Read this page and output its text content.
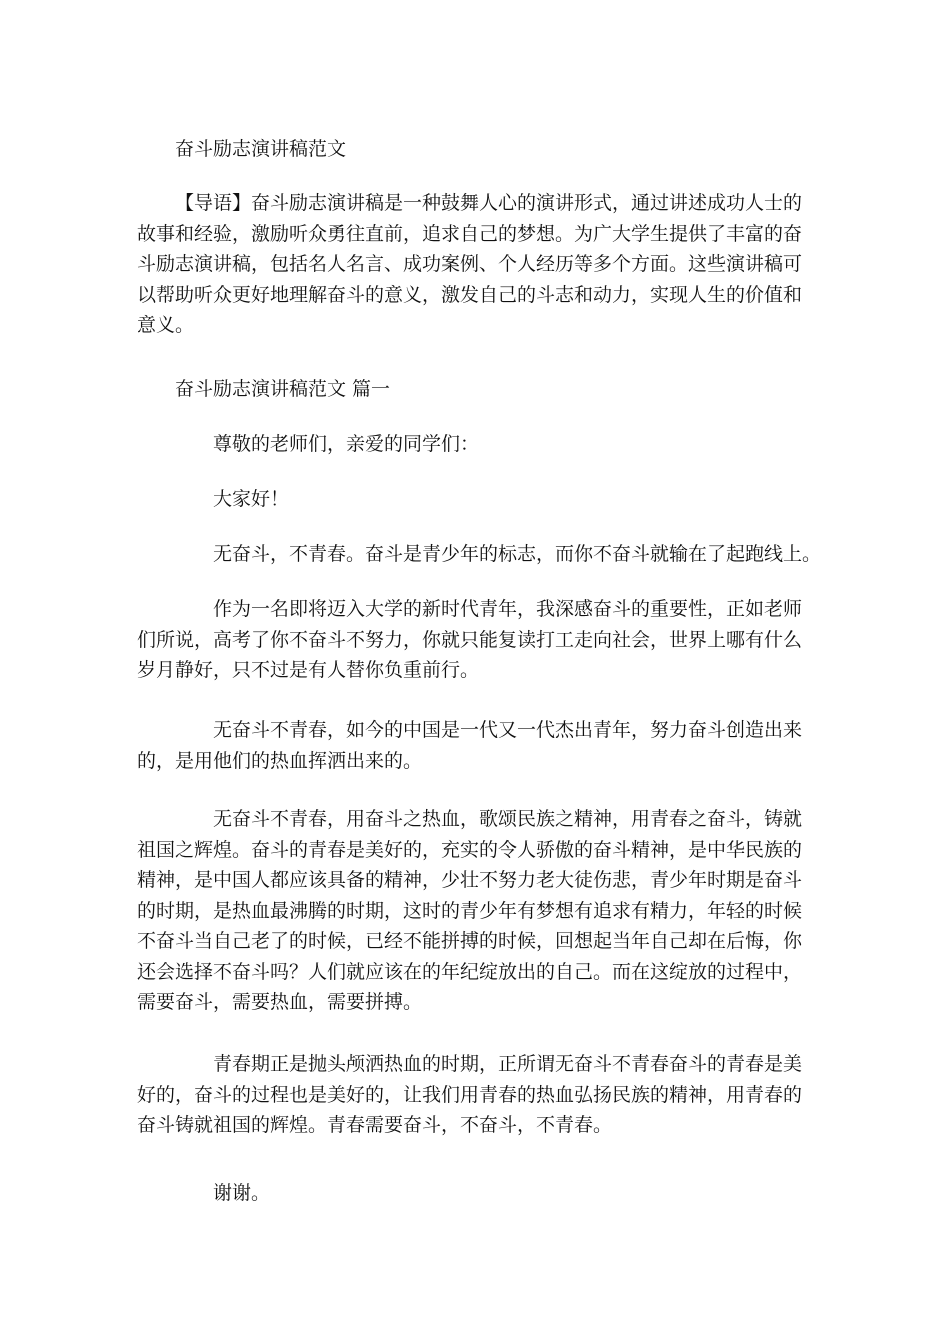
奋斗励志演讲稿范文

【导语】奋斗励志演讲稿是一种鼓舞人心的演讲形式，通过讲述成功人士的故事和经验，激励听众勇往直前，追求自己的梦想。为广大学生提供了丰富的奋斗励志演讲稿，包括名人名言、成功案例、个人经历等多个方面。这些演讲稿可以帮助听众更好地理解奋斗的意义，激发自己的斗志和动力，实现人生的价值和意义。

奋斗励志演讲稿范文 篇一

尊敬的老师们，亲爱的同学们：

大家好！

无奋斗，不青春。奋斗是青少年的标志，而你不奋斗就输在了起跑线上。

作为一名即将迈入大学的新时代青年，我深感奋斗的重要性，正如老师们所说，高考了你不奋斗不努力，你就只能复读打工走向社会，世界上哪有什么岁月静好，只不过是有人替你负重前行。

无奋斗不青春，如今的中国是一代又一代杰出青年，努力奋斗创造出来的，是用他们的热血挥洒出来的。

无奋斗不青春，用奋斗之热血，歌颂民族之精神，用青春之奋斗，铸就祖国之辉煌。奋斗的青春是美好的，充实的令人骄傲的奋斗精神，是中华民族的精神，是中国人都应该具备的精神，少壮不努力老大徒伤悲，青少年时期是奋斗的时期，是热血最沸腾的时期，这时的青少年有梦想有追求有精力，年轻的时候不奋斗当自己老了的时候，已经不能拼搏的时候，回想起当年自己却在后悔，你还会选择不奋斗吗？人们就应该在的年纪绽放出的自己。而在这绽放的过程中，需要奋斗，需要热血，需要拼搏。

青春期正是抛头颅洒热血的时期，正所谓无奋斗不青春奋斗的青春是美好的，奋斗的过程也是美好的，让我们用青春的热血弘扬民族的精神，用青春的奋斗铸就祖国的辉煌。青春需要奋斗，不奋斗，不青春。

谢谢。
